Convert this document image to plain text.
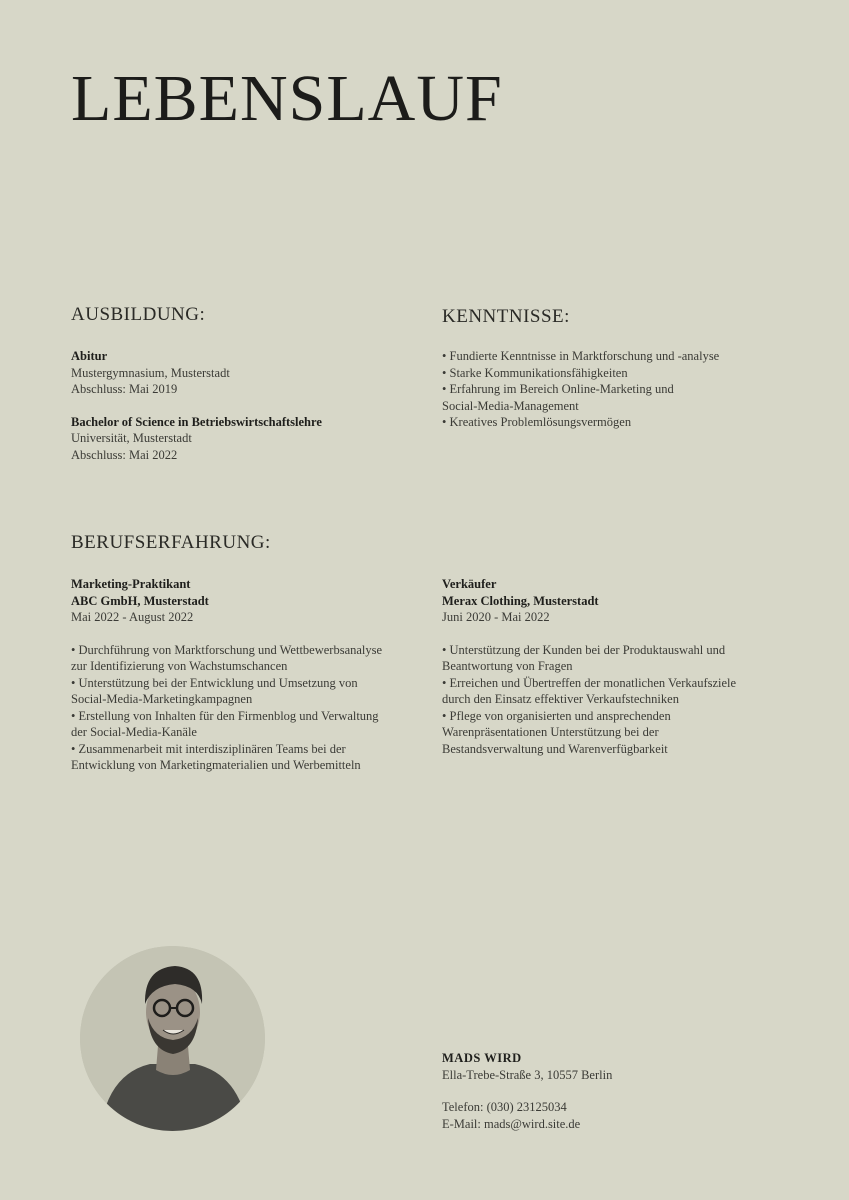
LEBENSLAUF
AUSBILDUNG:
Abitur
Mustergymnasium, Musterstadt
Abschluss: Mai 2019
Bachelor of Science in Betriebswirtschaftslehre
Universität, Musterstadt
Abschluss: Mai 2022
KENNTNISSE:
• Fundierte Kenntnisse in Marktforschung und -analyse
• Starke Kommunikationsfähigkeiten
• Erfahrung im Bereich Online-Marketing und
Social-Media-Management
• Kreatives Problemlösungsvermögen
BERUFSERFAHRUNG:
Marketing-Praktikant
ABC GmbH, Musterstadt
Mai 2022 - August 2022
• Durchführung von Marktforschung und Wettbewerbsanalyse
zur Identifizierung von Wachstumschancen
• Unterstützung bei der Entwicklung und Umsetzung von
Social-Media-Marketingkampagnen
• Erstellung von Inhalten für den Firmenblog und Verwaltung
der Social-Media-Kanäle
• Zusammenarbeit mit interdisziplinären Teams bei der
Entwicklung von Marketingmaterialien und Werbemitteln
Verkäufer
Merax Clothing, Musterstadt
Juni 2020 - Mai 2022
• Unterstützung der Kunden bei der Produktauswahl und
Beantwortung von Fragen
• Erreichen und Übertreffen der monatlichen Verkaufsziele
durch den Einsatz effektiver Verkaufstechniken
• Pflege von organisierten und ansprechenden
Warenpräsentationen Unterstützung bei der
Bestandsverwaltung und Warenverfügbarkeit
MADS WIRD
Ella-Trebe-Straße 3, 10557 Berlin
Telefon: (030) 23125034
E-Mail: mads@wird.site.de
